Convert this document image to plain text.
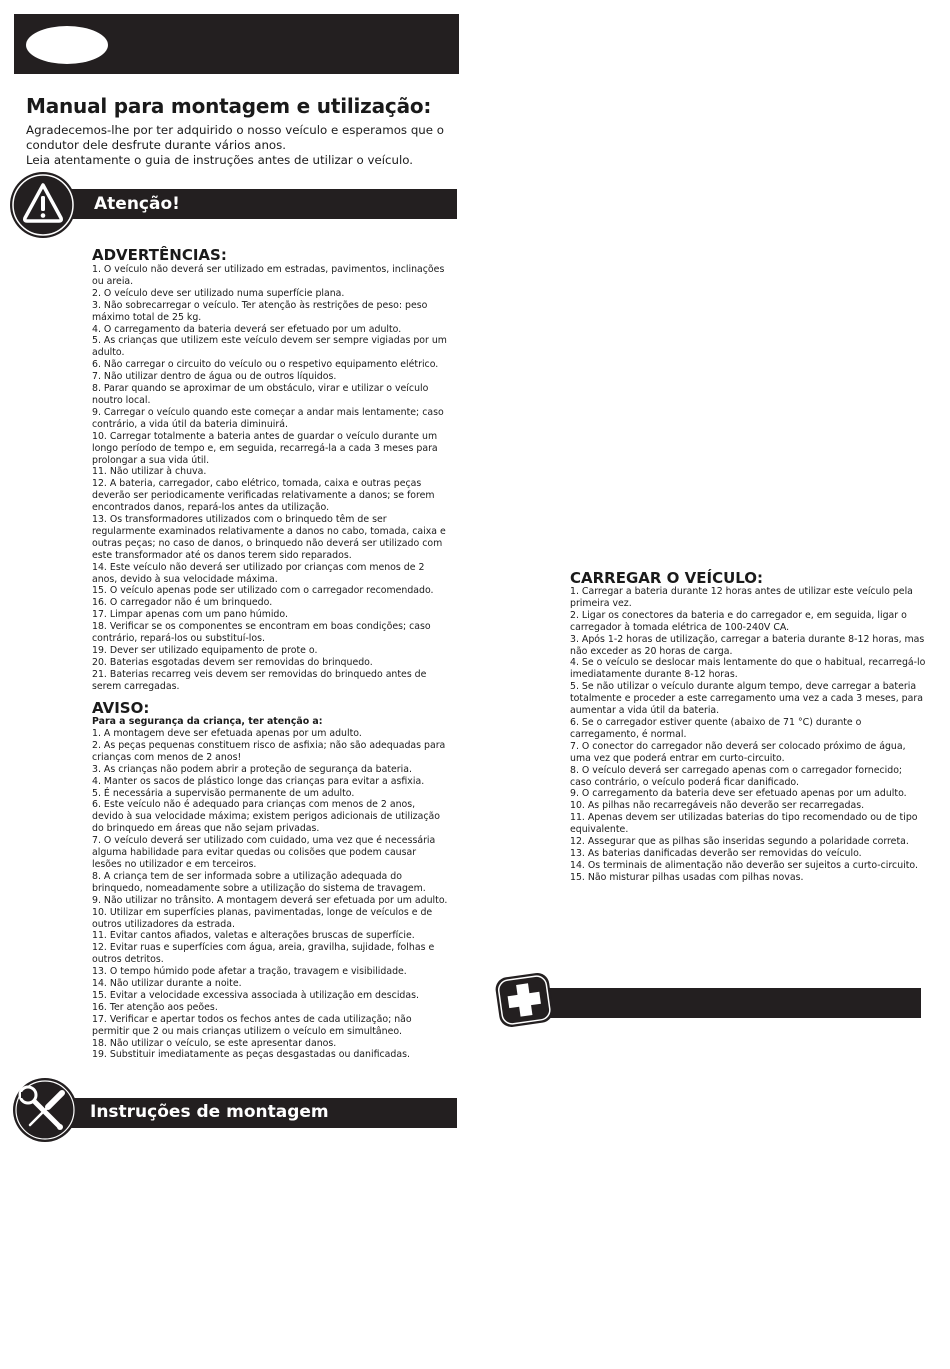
Manual para montagem e utilização:

Agradecemos-lhe por ter adquirido o nosso veículo e esperamos que o condutor dele desfrute durante vários anos.

Leia atentamente o guia de instruções antes de utilizar o veículo.

Atenção!
ADVERTÊNCIAS:
1. O veículo não deverá ser utilizado em estradas, pavimentos, inclinações ou areia.
2. O veículo deve ser utilizado numa superfície plana.
3. Não sobrecarregar o veículo. Ter atenção às restrições de peso: peso máximo total de 25 kg.
4. O carregamento da bateria deverá ser efetuado por um adulto.
5. As crianças que utilizem este veículo devem ser sempre vigiadas por um adulto.
6. Não carregar o circuito do veículo ou o respetivo equipamento elétrico.
7. Não utilizar dentro de água ou de outros líquidos.
8. Parar quando se aproximar de um obstáculo, virar e utilizar o veículo noutro local.
9. Carregar o veículo quando este começar a andar mais lentamente; caso contrário, a vida útil da bateria diminuirá.
10. Carregar totalmente a bateria antes de guardar o veículo durante um longo período de tempo e, em seguida, recarregá-la a cada 3 meses para prolongar a sua vida útil.
11. Não utilizar à chuva.
12. A bateria, carregador, cabo elétrico, tomada, caixa e outras peças deverão ser periodicamente verificadas relativamente a danos; se forem encontrados danos, repará-los antes da utilização.
13. Os transformadores utilizados com o brinquedo têm de ser regularmente examinados relativamente a danos no cabo, tomada, caixa e outras peças; no caso de danos, o brinquedo não deverá ser utilizado com este transformador até os danos terem sido reparados.
14. Este veículo não deverá ser utilizado por crianças com menos de 2 anos, devido à sua velocidade máxima.
15. O veículo apenas pode ser utilizado com o carregador recomendado.
16. O carregador não é um brinquedo.
17. Limpar apenas com um pano húmido.
18. Verificar se os componentes se encontram em boas condições; caso contrário, repará-los ou substituí-los.
19. Dever ser utilizado equipamento de prote o.
20. Baterias esgotadas devem ser removidas do brinquedo.
21. Baterias recarreg veis devem ser removidas do brinquedo antes de serem carregadas.
AVISO:
Para a segurança da criança, ter atenção a:
1. A montagem deve ser efetuada apenas por um adulto.
2. As peças pequenas constituem risco de asfixia; não são adequadas para crianças com menos de 2 anos!
3. As crianças não podem abrir a proteção de segurança da bateria.
4. Manter os sacos de plástico longe das crianças para evitar a asfixia.
5. É necessária a supervisão permanente de um adulto.
6. Este veículo não é adequado para crianças com menos de 2 anos, devido à sua velocidade máxima; existem perigos adicionais de utilização do brinquedo em áreas que não sejam privadas.
7. O veículo deverá ser utilizado com cuidado, uma vez que é necessária alguma habilidade para evitar quedas ou colisões que podem causar lesões no utilizador e em terceiros.
8. A criança tem de ser informada sobre a utilização adequada do brinquedo, nomeadamente sobre a utilização do sistema de travagem.
9. Não utilizar no trânsito. A montagem deverá ser efetuada por um adulto.
10. Utilizar em superfícies planas, pavimentadas, longe de veículos e de outros utilizadores da estrada.
11. Evitar cantos afiados, valetas e alterações bruscas de superfície.
12. Evitar ruas e superfícies com água, areia, gravilha, sujidade, folhas e outros detritos.
13. O tempo húmido pode afetar a tração, travagem e visibilidade.
14. Não utilizar durante a noite.
15. Evitar a velocidade excessiva associada à utilização em descidas.
16. Ter atenção aos peões.
17. Verificar e apertar todos os fechos antes de cada utilização; não permitir que 2 ou mais crianças utilizem o veículo em simultâneo.
18. Não utilizar o veículo, se este apresentar danos.
19. Substituir imediatamente as peças desgastadas ou danificadas.
Instruções de montagem
CARREGAR O VEÍCULO:
1. Carregar a bateria durante 12 horas antes de utilizar este veículo pela primeira vez.
2. Ligar os conectores da bateria e do carregador e, em seguida, ligar o carregador à tomada elétrica de 100-240V CA.
3. Após 1-2 horas de utilização, carregar a bateria durante 8-12 horas, mas não exceder as 20 horas de carga.
4. Se o veículo se deslocar mais lentamente do que o habitual, recarregá-lo imediatamente durante 8-12 horas.
5. Se não utilizar o veículo durante algum tempo, deve carregar a bateria totalmente e proceder a este carregamento uma vez a cada 3 meses, para aumentar a vida útil da bateria.
6. Se o carregador estiver quente (abaixo de 71 °C) durante o carregamento, é normal.
7. O conector do carregador não deverá ser colocado próximo de água, uma vez que poderá entrar em curto-circuito.
8. O veículo deverá ser carregado apenas com o carregador fornecido; caso contrário, o veículo poderá ficar danificado.
9. O carregamento da bateria deve ser efetuado apenas por um adulto.
10. As pilhas não recarregáveis não deverão ser recarregadas.
11. Apenas devem ser utilizadas baterias do tipo recomendado ou de tipo equivalente.
12. Assegurar que as pilhas são inseridas segundo a polaridade correta.
13. As baterias danificadas deverão ser removidas do veículo.
14. Os terminais de alimentação não deverão ser sujeitos a curto-circuito.
15. Não misturar pilhas usadas com pilhas novas.
